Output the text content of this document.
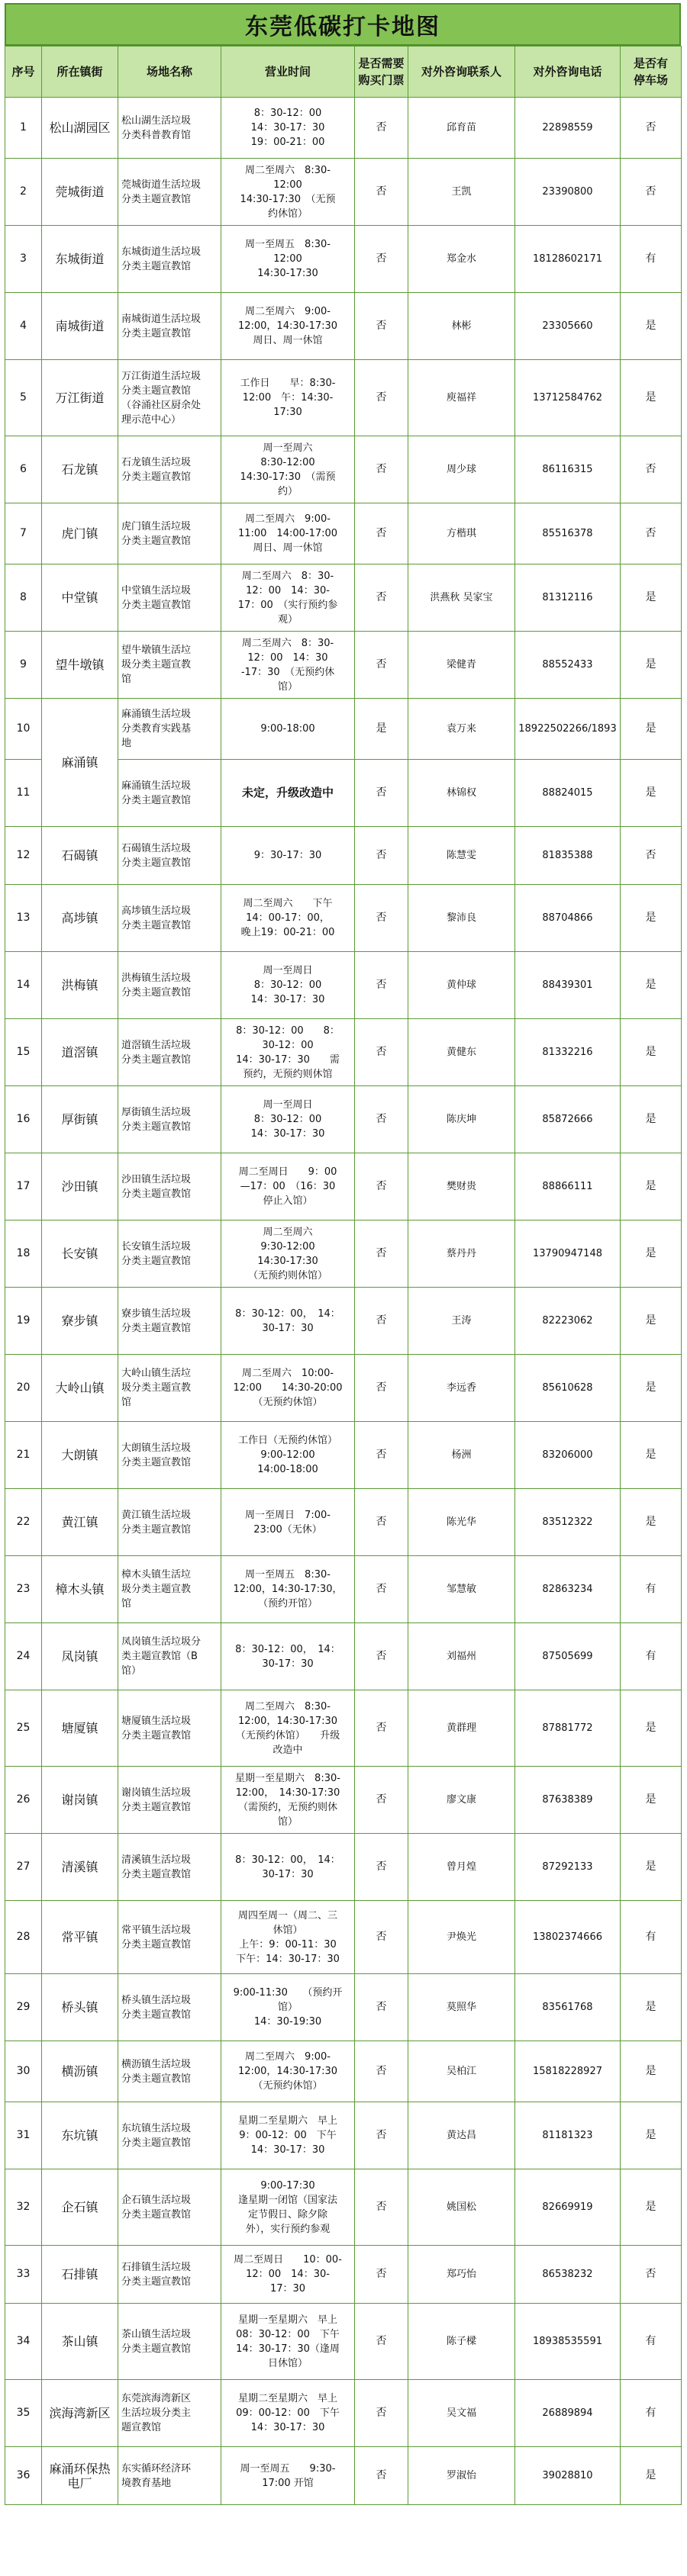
东莞低碳打卡地图
序号	所在镇街	场地名称	营业时间	是否需要
购买门票	对外咨询联系人	对外咨询电话	是否有
停车场
1	松山湖园区	松山湖生活垃圾
分类科普教育馆	8：30-12：00
14：30-17：30
19：00-21：00	否	邱育苗	22898559	否
2	莞城街道	莞城街道生活垃圾
分类主题宣教馆	周二至周六　8:30-
12:00
14:30-17:30　（无预
约休馆）	否	王凯	23390800	否
3	东城街道	东城街道生活垃圾
分类主题宣教馆	周一至周五　8:30-
12:00
14:30-17:30	否	郑金水	18128602171	有
4	南城街道	南城街道生活垃圾
分类主题宣教馆	周二至周六　9:00-
12:00，14:30-17:30
周日、周一休馆	否	林彬	23305660	是
5	万江街道	万江街道生活垃圾
分类主题宣教馆
（谷涌社区厨余处
理示范中心）	工作日　　早：8:30-
12:00　午：14:30-
17:30	否	庾福祥	13712584762	是
6	石龙镇	石龙镇生活垃圾
分类主题宣教馆	周一至周六
8:30-12:00
14:30-17:30　（需预
约）	否	周少球	86116315	否
7	虎门镇	虎门镇生活垃圾
分类主题宣教馆	周二至周六　9:00-
11:00　14:00-17:00
周日、周一休馆	否	方楷琪	85516378	否
8	中堂镇	中堂镇生活垃圾
分类主题宣教馆	周二至周六　8：30-
12：00　14：30-
17：00　（实行预约参
观）	否	洪燕秋 吴家宝	81312116	是
9	望牛墩镇	望牛墩镇生活垃
圾分类主题宣教
馆	周二至周六　8：30-
12：00　14：30
-17：30　（无预约休
馆）	否	梁健青	88552433	是
10	麻涌镇	麻涌镇生活垃圾
分类教育实践基
地	9:00-18:00	是	袁万来	18922502266/1893	是
11		麻涌镇生活垃圾
分类主题宣教馆	未定，升级改造中	否	林锦权	88824015	是
12	石碣镇	石碣镇生活垃圾
分类主题宣教馆	9：30-17：30	否	陈慧雯	81835388	否
13	高埗镇	高埗镇生活垃圾
分类主题宣教馆	周二至周六　　下午
14：00-17：00，
晚上19：00-21：00	否	黎沛良	88704866	是
14	洪梅镇	洪梅镇生活垃圾
分类主题宣教馆	周一至周日
8：30-12：00
14：30-17：30	否	黄仲球	88439301	是
15	道滘镇	道滘镇生活垃圾
分类主题宣教馆	8：30-12：00　　8：
30-12：00
14：30-17：30　　需
预约，无预约则休馆	否	黄健东	81332216	是
16	厚街镇	厚街镇生活垃圾
分类主题宣教馆	周一至周日
8：30-12：00
14：30-17：30	否	陈庆坤	85872666	是
17	沙田镇	沙田镇生活垃圾
分类主题宣教馆	周二至周日　　9：00
—17：00　（16：30
停止入馆）	否	樊财贵	88866111	是
18	长安镇	长安镇生活垃圾
分类主题宣教馆	周二至周六
9:30-12:00
14:30-17:30
（无预约则休馆）	否	蔡丹丹	13790947148	是
19	寮步镇	寮步镇生活垃圾
分类主题宣教馆	8：30-12：00，　14：
30-17：30	否	王涛	82223062	是
20	大岭山镇	大岭山镇生活垃
圾分类主题宣教
馆	周二至周六　10:00-
12:00　　14:30-20:00
（无预约休馆）	否	李远香	85610628	是
21	大朗镇	大朗镇生活垃圾
分类主题宣教馆	工作日（无预约休馆）
9:00-12:00
14:00-18:00	否	杨洲	83206000	是
22	黄江镇	黄江镇生活垃圾
分类主题宣教馆	周一至周日　7:00-
23:00（无休）	否	陈光华	83512322	是
23	樟木头镇	樟木头镇生活垃
圾分类主题宣教
馆	周一至周五　8:30-
12:00，14:30-17:30，
（预约开馆）	否	邹慧敏	82863234	有
24	凤岗镇	凤岗镇生活垃圾分
类主题宣教馆（B
馆）	8：30-12：00，　14：
30-17：30	否	刘福州	87505699	有
25	塘厦镇	塘厦镇生活垃圾
分类主题宣教馆	周二至周六　8:30-
12:00，14:30-17:30
（无预约休馆）　　升级
改造中	否	黄群理	87881772	是
26	谢岗镇	谢岗镇生活垃圾
分类主题宣教馆	星期一至星期六　8:30-
12:00，　14:30-17:30
（需预约，无预约则休
馆）	否	廖文康	87638389	是
27	清溪镇	清溪镇生活垃圾
分类主题宣教馆	8：30-12：00，　14：
30-17：30	否	曾月煌	87292133	是
28	常平镇	常平镇生活垃圾
分类主题宣教馆	周四至周一（周二、三
休馆）
上午：9：00-11：30
下午：14：30-17：30	否	尹焕光	13802374666	有
29	桥头镇	桥头镇生活垃圾
分类主题宣教馆	9:00-11:30　　（预约开
馆）
14：30-19:30	否	莫照华	83561768	是
30	横沥镇	横沥镇生活垃圾
分类主题宣教馆	周二至周六　9:00-
12:00，14:30-17:30
（无预约休馆）	否	吴柏江	15818228927	是
31	东坑镇	东坑镇生活垃圾
分类主题宣教馆	星期二至星期六　早上
9：00-12：00　下午
14：30-17：30	否	黄达昌	81181323	是
32	企石镇	企石镇生活垃圾
分类主题宣教馆	9:00-17:30
逢星期一闭馆（国家法
定节假日、除夕除
外），实行预约参观	否	姚国松	82669919	是
33	石排镇	石排镇生活垃圾
分类主题宣教馆	周二至周日　　10：00-
12：00　14：30-
17：30	否	郑巧怡	86538232	否
34	茶山镇	茶山镇生活垃圾
分类主题宣教馆	星期一至星期六　早上
08：30-12：00　下午
14：30-17：30（逢周
日休馆）	否	陈子樑	18938535591	有
35	滨海湾新区	东莞滨海湾新区
生活垃圾分类主
题宣教馆	星期二至星期六　早上
09：00-12：00　下午
14：30-17：30	否	吴文福	26889894	有
36	麻涌环保热
电厂	东实循环经济环
境教育基地	周一至周五　　9:30-
17:00 开馆	否	罗淑怡	39028810	是
